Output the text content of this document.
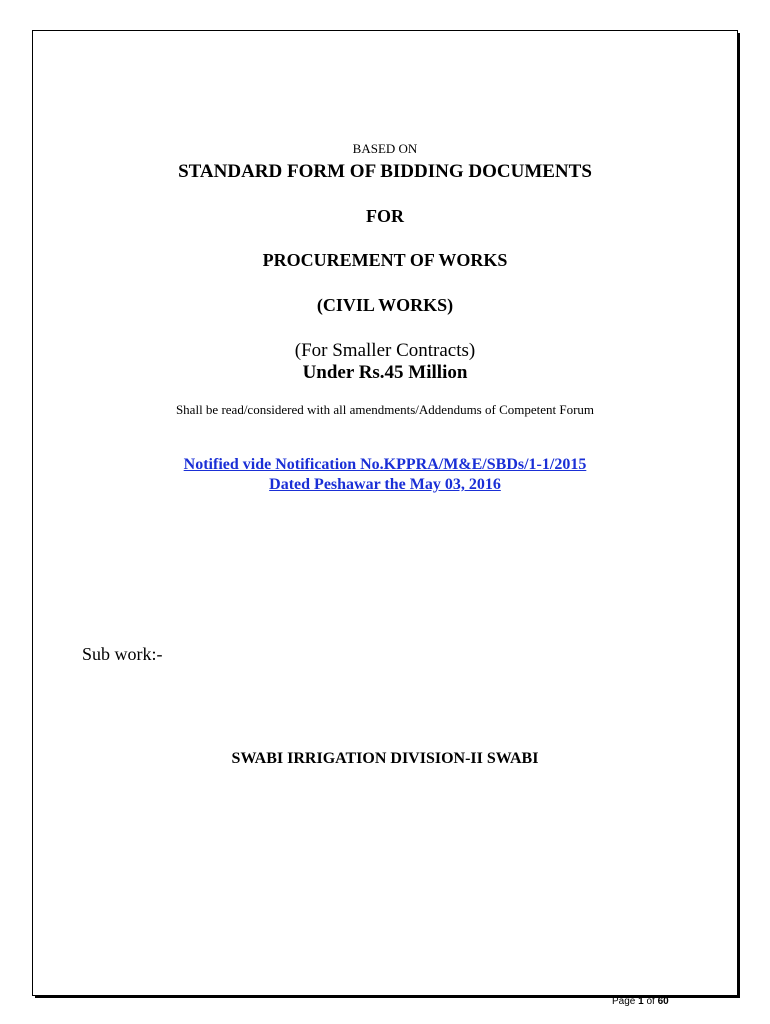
BASED ON
STANDARD FORM OF BIDDING DOCUMENTS
FOR
PROCUREMENT OF WORKS
(CIVIL WORKS)
(For Smaller Contracts)
Under Rs.45 Million
Shall be read/considered with all amendments/Addendums of Competent Forum
Notified vide Notification No.KPPRA/M&E/SBDs/1-1/2015
Dated Peshawar the May 03, 2016
Sub work:-
SWABI IRRIGATION DIVISION-II SWABI
Page 1 of 60
